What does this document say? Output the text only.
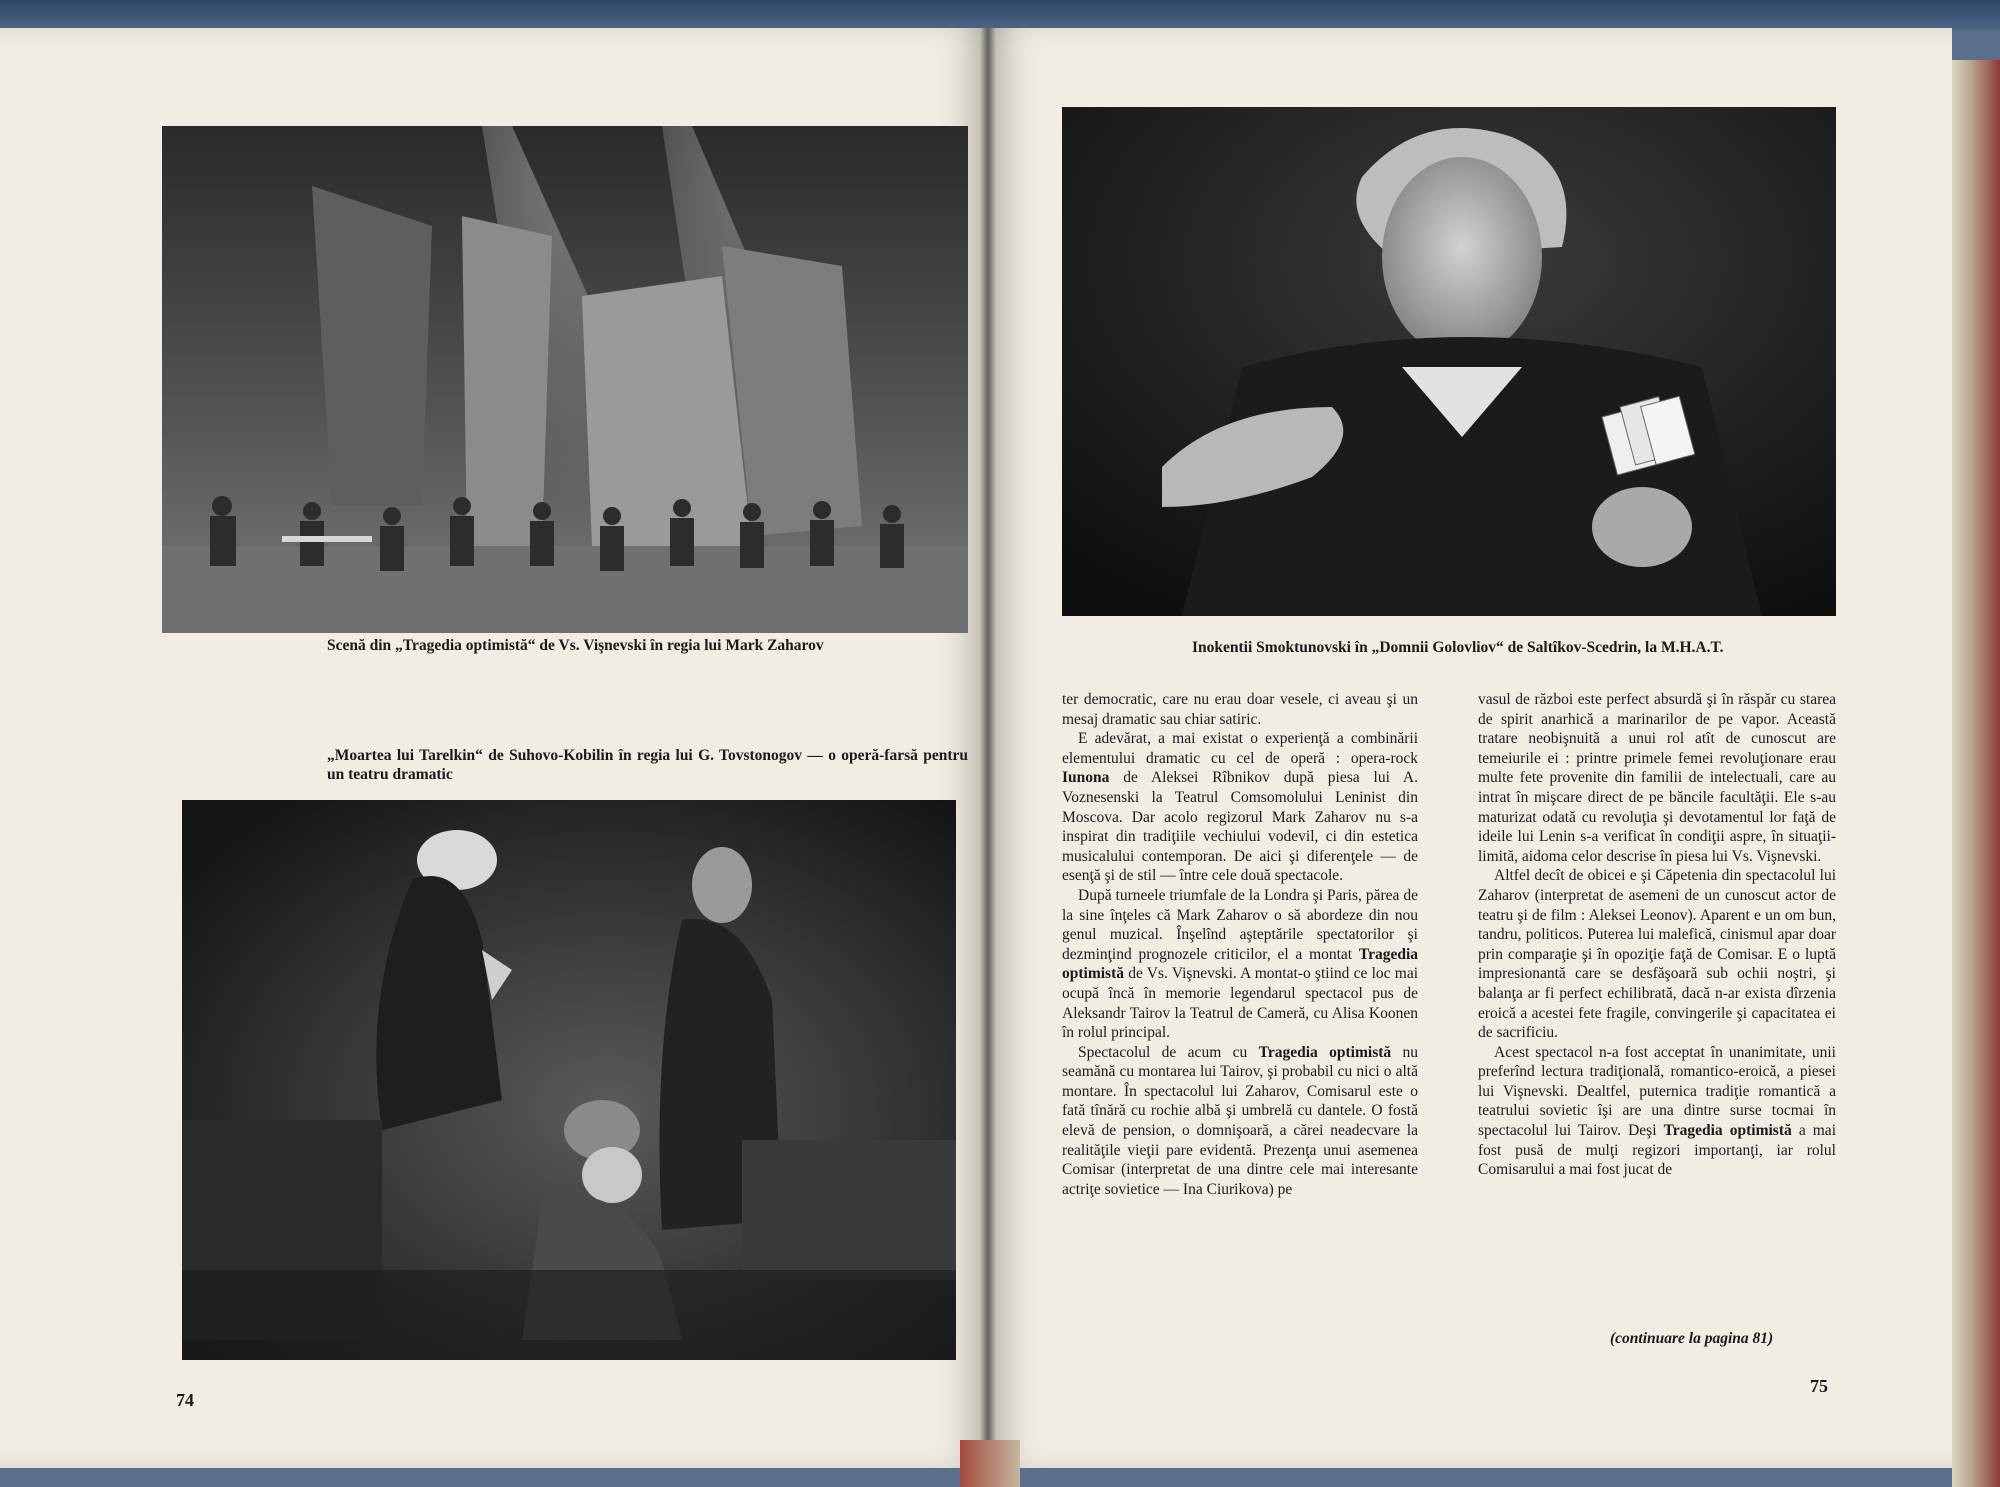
Scenă din „Tragedia optimistă“ de Vs. Vişnevski în regia lui Mark Zaharov
„Moartea lui Tarelkin“ de Suhovo-Kobilin în regia lui G. Tovstonogov — o operă-farsă pentru un teatru dramatic
74
Inokentii Smoktunovski în „Domnii Golovliov“ de Saltîkov-Scedrin, la M.H.A.T.

ter democratic, care nu erau doar vesele, ci aveau şi un mesaj dramatic sau chiar satiric.

E adevărat, a mai existat o experienţă a combinării elementului dramatic cu cel de operă : opera-rock Iunona de Aleksei Rîbnikov după piesa lui A. Voznesenski la Teatrul Comsomolului Leninist din Moscova. Dar acolo regizorul Mark Zaharov nu s-a inspirat din tradiţiile vechiului vodevil, ci din estetica musicalului contemporan. De aici şi diferenţele — de esenţă şi de stil — între cele două spectacole.

După turneele triumfale de la Londra şi Paris, părea de la sine înţeles că Mark Zaharov o să abordeze din nou genul muzical. Înşelînd aşteptările spectatorilor şi dezminţind prognozele criticilor, el a montat Tragedia optimistă de Vs. Vişnevski. A montat-o ştiind ce loc mai ocupă încă în memorie legendarul spectacol pus de Aleksandr Tairov la Teatrul de Cameră, cu Alisa Koonen în rolul principal.

Spectacolul de acum cu Tragedia optimistă nu seamănă cu montarea lui Tairov, şi probabil cu nici o altă montare. În spectacolul lui Zaharov, Comisarul este o fată tînără cu rochie albă şi umbrelă cu dantele. O fostă elevă de pension, o domnişoară, a cărei neadecvare la realităţile vieţii pare evidentă. Prezenţa unui asemenea Comisar (interpretat de una dintre cele mai interesante actriţe sovietice — Ina Ciurikova) pe

vasul de război este perfect absurdă şi în răspăr cu starea de spirit anarhică a marinarilor de pe vapor. Această tratare neobişnuită a unui rol atît de cunoscut are temeiurile ei : printre primele femei revoluţionare erau multe fete provenite din familii de intelectuali, care au intrat în mişcare direct de pe băncile facultăţii. Ele s-au maturizat odată cu revoluţia şi devotamentul lor faţă de ideile lui Lenin s-a verificat în condiţii aspre, în situaţii-limită, aidoma celor descrise în piesa lui Vs. Vişnevski.

Altfel decît de obicei e şi Căpetenia din spectacolul lui Zaharov (interpretat de asemeni de un cunoscut actor de teatru şi de film : Aleksei Leonov). Aparent e un om bun, tandru, politicos. Puterea lui malefică, cinismul apar doar prin comparaţie şi în opoziţie faţă de Comisar. E o luptă impresionantă care se desfăşoară sub ochii noştri, şi balanţa ar fi perfect echilibrată, dacă n-ar exista dîrzenia eroică a acestei fete fragile, convingerile şi capacitatea ei de sacrificiu.

Acest spectacol n-a fost acceptat în unanimitate, unii preferînd lectura tradiţională, romantico-eroică, a piesei lui Vişnevski. Dealtfel, puternica tradiţie romantică a teatrului sovietic îşi are una dintre surse tocmai în spectacolul lui Tairov. Deşi Tragedia optimistă a mai fost pusă de mulţi regizori importanţi, iar rolul Comisarului a mai fost jucat de

(continuare la pagina 81)
75
